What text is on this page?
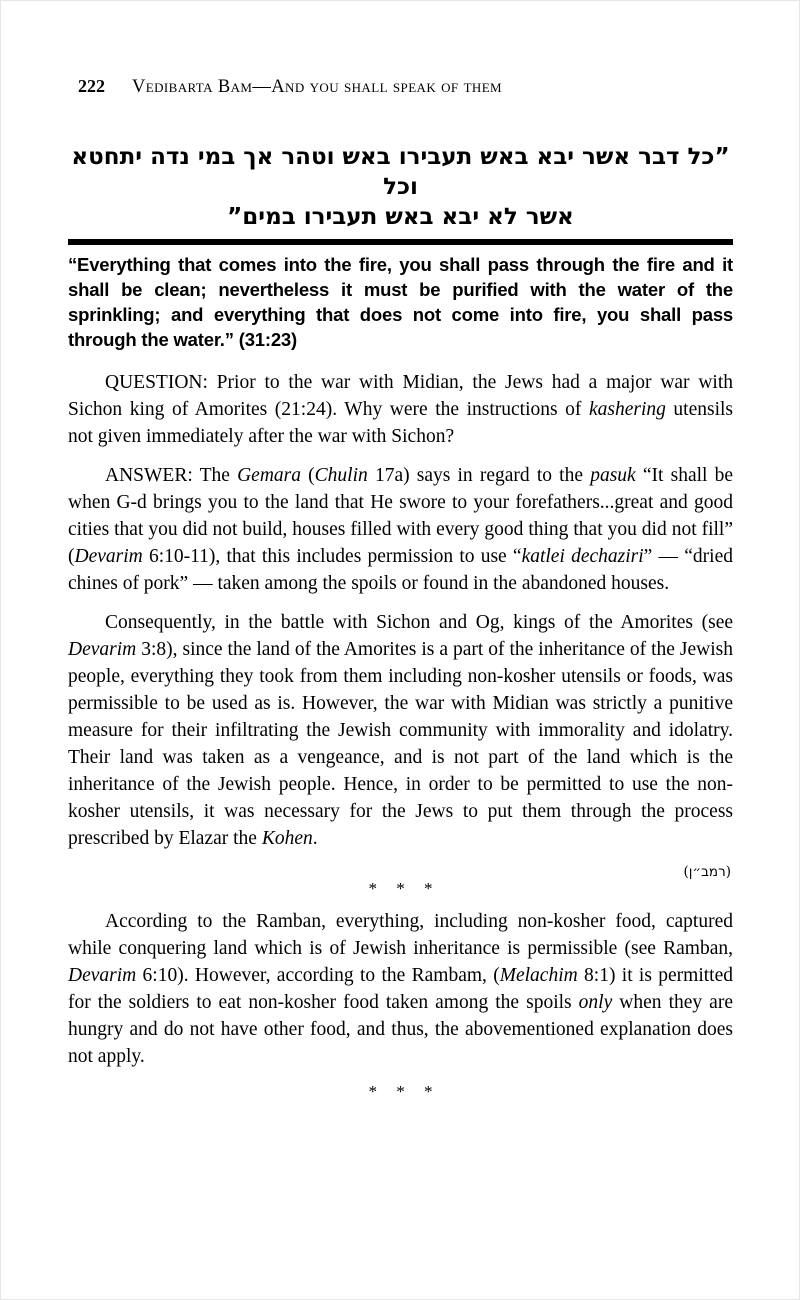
222 Vedibarta Bam—And you shall speak of them
”כל דבר אשר יבא באש תעבירו באש וטהר אך במי נדה יתחטא וכל
אשר לא יבא באש תעבירו במים”
“Everything that comes into the fire, you shall pass through the fire and it shall be clean; nevertheless it must be purified with the water of the sprinkling; and everything that does not come into fire, you shall pass through the water.” (31:23)

QUESTION: Prior to the war with Midian, the Jews had a major war with Sichon king of Amorites (21:24). Why were the instructions of kashering utensils not given immediately after the war with Sichon?

ANSWER: The Gemara (Chulin 17a) says in regard to the pasuk “It shall be when G-d brings you to the land that He swore to your forefathers...great and good cities that you did not build, houses filled with every good thing that you did not fill” (Devarim 6:10-11), that this includes permission to use “katlei dechaziri” — “dried chines of pork” — taken among the spoils or found in the abandoned houses.

Consequently, in the battle with Sichon and Og, kings of the Amorites (see Devarim 3:8), since the land of the Amorites is a part of the inheritance of the Jewish people, everything they took from them including non-kosher utensils or foods, was permissible to be used as is. However, the war with Midian was strictly a punitive measure for their infiltrating the Jewish community with immorality and idolatry. Their land was taken as a vengeance, and is not part of the land which is the inheritance of the Jewish people. Hence, in order to be permitted to use the non-kosher utensils, it was necessary for the Jews to put them through the process prescribed by Elazar the Kohen.

(רמב״ן)
* * *

According to the Ramban, everything, including non-kosher food, captured while conquering land which is of Jewish inheritance is permissible (see Ramban, Devarim 6:10). However, according to the Rambam, (Melachim 8:1) it is permitted for the soldiers to eat non-kosher food taken among the spoils only when they are hungry and do not have other food, and thus, the abovementioned explanation does not apply.

* * *
